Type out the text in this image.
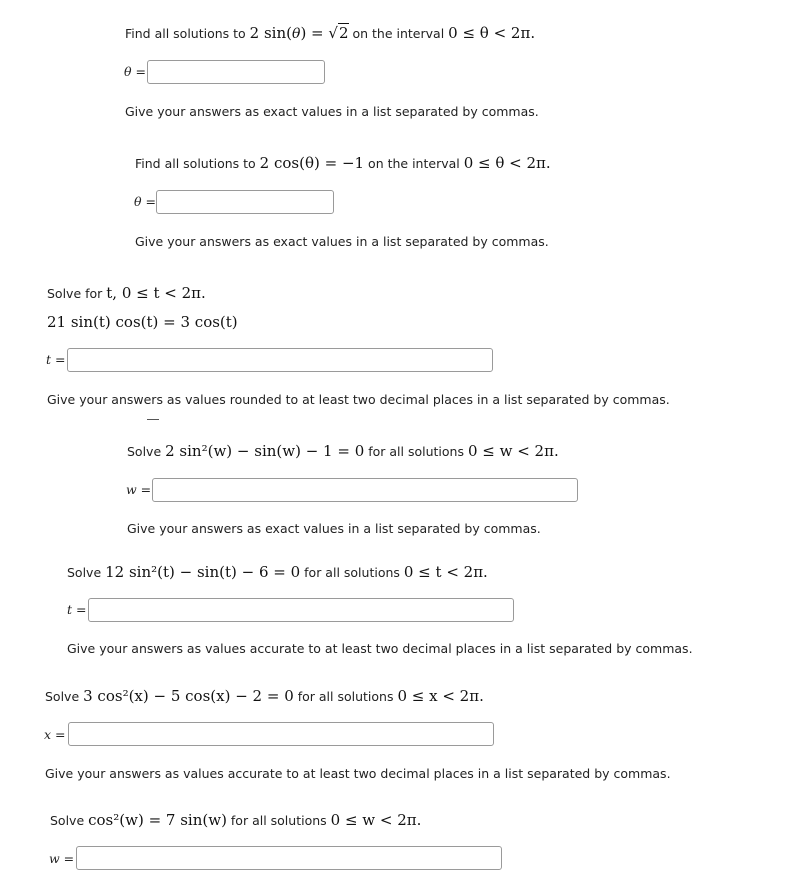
Find all solutions to 2 sin(θ) = √2 on the interval 0 ≤ θ < 2π.
θ =
Give your answers as exact values in a list separated by commas.
Find all solutions to 2 cos(θ) = −1 on the interval 0 ≤ θ < 2π.
θ =
Give your answers as exact values in a list separated by commas.
Solve for t, 0 ≤ t < 2π.
21 sin(t) cos(t) = 3 cos(t)
t =
Give your answers as values rounded to at least two decimal places in a list separated by commas.
Solve 2 sin²(w) − sin(w) − 1 = 0 for all solutions 0 ≤ w < 2π.
w =
Give your answers as exact values in a list separated by commas.
Solve 12 sin²(t) − sin(t) − 6 = 0 for all solutions 0 ≤ t < 2π.
t =
Give your answers as values accurate to at least two decimal places in a list separated by commas.
Solve 3 cos²(x) − 5 cos(x) − 2 = 0 for all solutions 0 ≤ x < 2π.
x =
Give your answers as values accurate to at least two decimal places in a list separated by commas.
Solve cos²(w) = 7 sin(w) for all solutions 0 ≤ w < 2π.
w =
